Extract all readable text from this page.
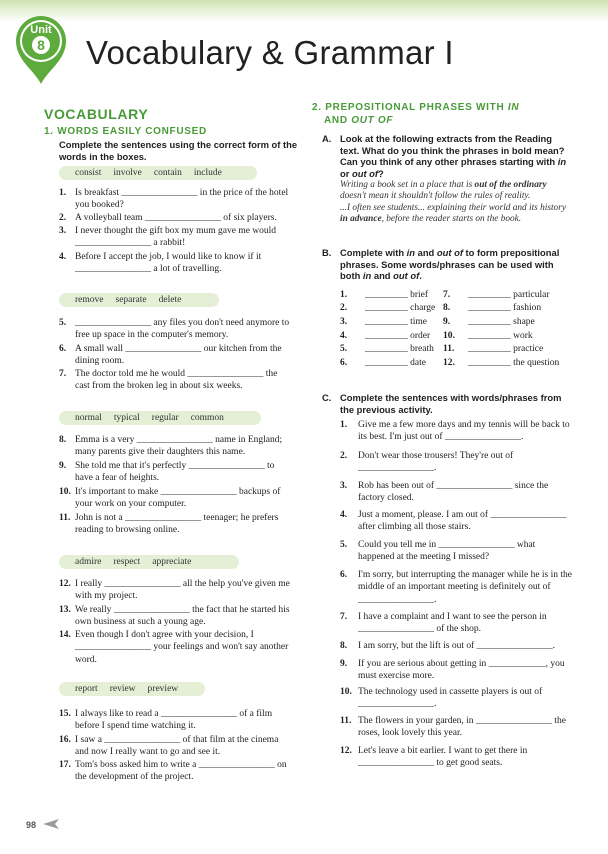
Unit
8 Vocabulary & Grammar I
VOCABULARY
1. WORDS EASILY CONFUSED
Complete the sentences using the correct form of the words in the boxes.
consist involve contain include
1. Is breakfast ________________ in the price of the hotel you booked?
2. A volleyball team ________________ of six players.
3. I never thought the gift box my mum gave me would ________________ a rabbit!
4. Before I accept the job, I would like to know if it ________________ a lot of travelling.
remove separate delete
5. ________________ any files you don't need anymore to free up space in the computer's memory.
6. A small wall ________________ our kitchen from the dining room.
7. The doctor told me he would ________________ the cast from the broken leg in about six weeks.
normal typical regular common
8. Emma is a very ________________ name in England; many parents give their daughters this name.
9. She told me that it's perfectly ________________ to have a fear of heights.
10. It's important to make ________________ backups of your work on your computer.
11. John is not a ________________ teenager; he prefers reading to browsing online.
admire respect appreciate
12. I really ________________ all the help you've given me with my project.
13. We really ________________ the fact that he started his own business at such a young age.
14. Even though I don't agree with your decision, I ________________ your feelings and won't say another word.
report review preview
15. I always like to read a ________________ of a film before I spend time watching it.
16. I saw a ________________ of that film at the cinema and now I really want to go and see it.
17. Tom's boss asked him to write a ________________ on the development of the project.
2. PREPOSITIONAL PHRASES WITH IN
AND OUT OF
A. Look at the following extracts from the Reading text. What do you think the phrases in bold mean? Can you think of any other phrases starting with in or out of?
Writing a book set in a place that is out of the ordinary doesn't mean it shouldn't follow the rules of reality.
...I often see students... explaining their world and its history in advance, before the reader starts on the book.
B. Complete with in and out of to form prepositional phrases. Some words/phrases can be used with both in and out of.
1. _________ brief
2. _________ charge
3. _________ time
4. _________ order
5. _________ breath
6. _________ date
7. _________ particular
8. _________ fashion
9. _________ shape
10. _________ work
11. _________ practice
12. _________ the question
C. Complete the sentences with words/phrases from the previous activity.
1.	Give me a few more days and my tennis will be back to its best. I'm just out of ________________.
2.	Don't wear those trousers! They're out of ________________.
3.	Rob has been out of ________________ since the factory closed.
4.	Just a moment, please. I am out of ________________ after climbing all those stairs.
5.	Could you tell me in ________________ what happened at the meeting I missed?
6.	I'm sorry, but interrupting the manager while he is in the middle of an important meeting is definitely out of ________________.
7.	I have a complaint and I want to see the person in ________________ of the shop.
8.	I am sorry, but the lift is out of ________________.
9.	If you are serious about getting in ____________, you must exercise more.
10. The technology used in cassette players is out of ________________.
11. The flowers in your garden, in ________________ the roses, look lovely this year.
12. Let's leave a bit earlier. I want to get there in ________________ to get good seats.
98
